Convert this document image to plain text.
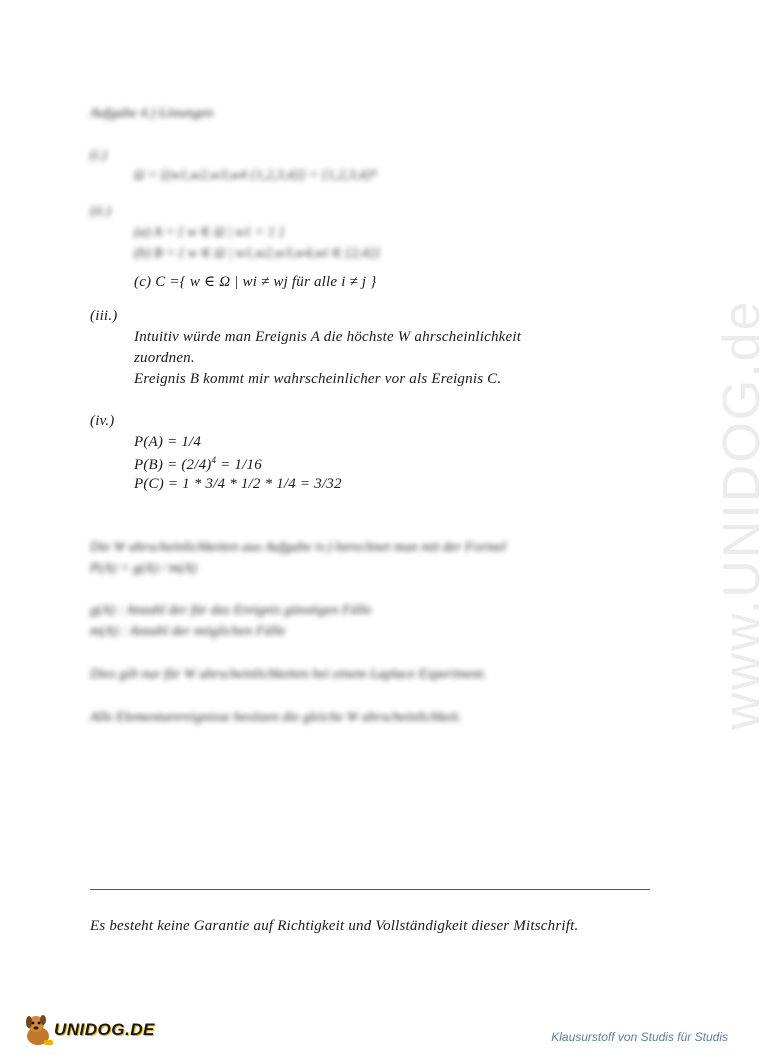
Aufgabe 4.) Lösungen
(i.)
Ω = {(w1,w2,w3,w4 {1,2,3,4}} = {1,2,3,4}⁴
(ii.)
(a) A = { w ∈ Ω | w1 = 1 }
(b) B = { w ∈ Ω | w1,w2,w3,w4,wi ∈ {2,4}}
(c) C ={ w ∈ Ω | wi ≠ wj für alle i ≠ j }
(iii.)
Intuitiv würde man Ereignis A die höchste W ahrscheinlichkeit
zuordnen.
Ereignis B kommt mir wahrscheinlicher vor als Ereignis C.
(iv.)
P(A) = 1/4
$P(B) = (2/4)^4 = 1/16$
P(C) = 1 * 3/4 * 1/2 * 1/4 = 3/32
Die W ahrscheinlichkeiten aus Aufgabe iv.) berechnet man mit der Formel
P(A) = g(A) / m(A)
g(A) : Anzahl der für das Ereignis günstigen Fälle
m(A) : Anzahl der möglichen Fälle
Dies gilt nur für W ahrscheinlichkeiten bei einem Laplace Experiment.
Alle Elementarereignisse besitzen die gleiche W ahrscheinlichkeit.	www.UNIDOG.de
Es besteht keine Garantie auf Richtigkeit und Vollständigkeit dieser Mitschrift.
UNIDOG.DE	Klausurstoff von Studis für Studis
